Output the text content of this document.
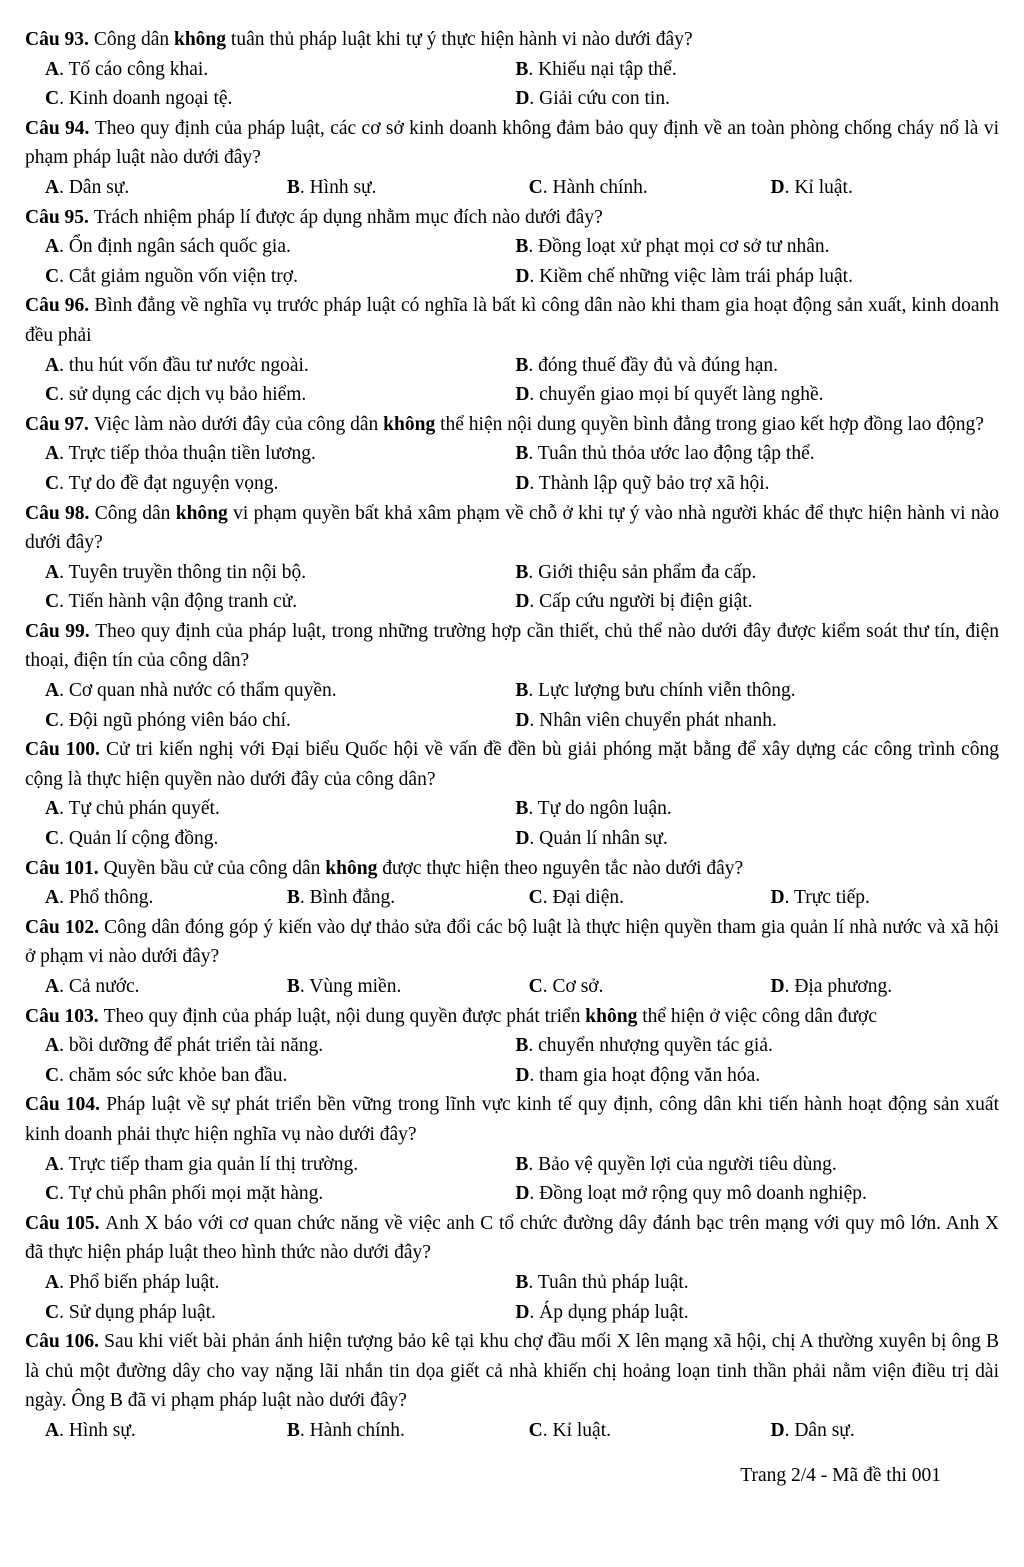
Câu 93. Công dân không tuân thủ pháp luật khi tự ý thực hiện hành vi nào dưới đây?

A. Tố cáo công khai.	B. Khiếu nại tập thể.
C. Kinh doanh ngoại tệ.	D. Giải cứu con tin.

Câu 94. Theo quy định của pháp luật, các cơ sở kinh doanh không đảm bảo quy định về an toàn phòng chống cháy nổ là vi phạm pháp luật nào dưới đây?

A. Dân sự.	B. Hình sự.	C. Hành chính.	D. Kỉ luật.

Câu 95. Trách nhiệm pháp lí được áp dụng nhằm mục đích nào dưới đây?

A. Ổn định ngân sách quốc gia.	B. Đồng loạt xử phạt mọi cơ sở tư nhân.
C. Cắt giảm nguồn vốn viện trợ.	D. Kiềm chế những việc làm trái pháp luật.

Câu 96. Bình đẳng về nghĩa vụ trước pháp luật có nghĩa là bất kì công dân nào khi tham gia hoạt động sản xuất, kinh doanh đều phải

A. thu hút vốn đầu tư nước ngoài.	B. đóng thuế đầy đủ và đúng hạn.
C. sử dụng các dịch vụ bảo hiểm.	D. chuyển giao mọi bí quyết làng nghề.

Câu 97. Việc làm nào dưới đây của công dân không thể hiện nội dung quyền bình đẳng trong giao kết hợp đồng lao động?

A. Trực tiếp thỏa thuận tiền lương.	B. Tuân thủ thỏa ước lao động tập thể.
C. Tự do đề đạt nguyện vọng.	D. Thành lập quỹ bảo trợ xã hội.

Câu 98. Công dân không vi phạm quyền bất khả xâm phạm về chỗ ở khi tự ý vào nhà người khác để thực hiện hành vi nào dưới đây?

A. Tuyên truyền thông tin nội bộ.	B. Giới thiệu sản phẩm đa cấp.
C. Tiến hành vận động tranh cử.	D. Cấp cứu người bị điện giật.

Câu 99. Theo quy định của pháp luật, trong những trường hợp cần thiết, chủ thể nào dưới đây được kiểm soát thư tín, điện thoại, điện tín của công dân?

A. Cơ quan nhà nước có thẩm quyền.	B. Lực lượng bưu chính viễn thông.
C. Đội ngũ phóng viên báo chí.	D. Nhân viên chuyển phát nhanh.

Câu 100. Cử tri kiến nghị với Đại biểu Quốc hội về vấn đề đền bù giải phóng mặt bằng để xây dựng các công trình công cộng là thực hiện quyền nào dưới đây của công dân?

A. Tự chủ phán quyết.	B. Tự do ngôn luận.
C. Quản lí cộng đồng.	D. Quản lí nhân sự.

Câu 101. Quyền bầu cử của công dân không được thực hiện theo nguyên tắc nào dưới đây?

A. Phổ thông.	B. Bình đẳng.	C. Đại diện.	D. Trực tiếp.

Câu 102. Công dân đóng góp ý kiến vào dự thảo sửa đổi các bộ luật là thực hiện quyền tham gia quản lí nhà nước và xã hội ở phạm vi nào dưới đây?

A. Cả nước.	B. Vùng miền.	C. Cơ sở.	D. Địa phương.

Câu 103. Theo quy định của pháp luật, nội dung quyền được phát triển không thể hiện ở việc công dân được

A. bồi dưỡng để phát triển tài năng.	B. chuyển nhượng quyền tác giả.
C. chăm sóc sức khỏe ban đầu.	D. tham gia hoạt động văn hóa.

Câu 104. Pháp luật về sự phát triển bền vững trong lĩnh vực kinh tế quy định, công dân khi tiến hành hoạt động sản xuất kinh doanh phải thực hiện nghĩa vụ nào dưới đây?

A. Trực tiếp tham gia quản lí thị trường.	B. Bảo vệ quyền lợi của người tiêu dùng.
C. Tự chủ phân phối mọi mặt hàng.	D. Đồng loạt mở rộng quy mô doanh nghiệp.

Câu 105. Anh X báo với cơ quan chức năng về việc anh C tổ chức đường dây đánh bạc trên mạng với quy mô lớn. Anh X đã thực hiện pháp luật theo hình thức nào dưới đây?

A. Phổ biến pháp luật.	B. Tuân thủ pháp luật.
C. Sử dụng pháp luật.	D. Áp dụng pháp luật.

Câu 106. Sau khi viết bài phản ánh hiện tượng bảo kê tại khu chợ đầu mối X lên mạng xã hội, chị A thường xuyên bị ông B là chủ một đường dây cho vay nặng lãi nhắn tin dọa giết cả nhà khiến chị hoảng loạn tinh thần phải nằm viện điều trị dài ngày. Ông B đã vi phạm pháp luật nào dưới đây?

A. Hình sự.	B. Hành chính.	C. Kỉ luật.	D. Dân sự.
Trang 2/4 - Mã đề thi 001
